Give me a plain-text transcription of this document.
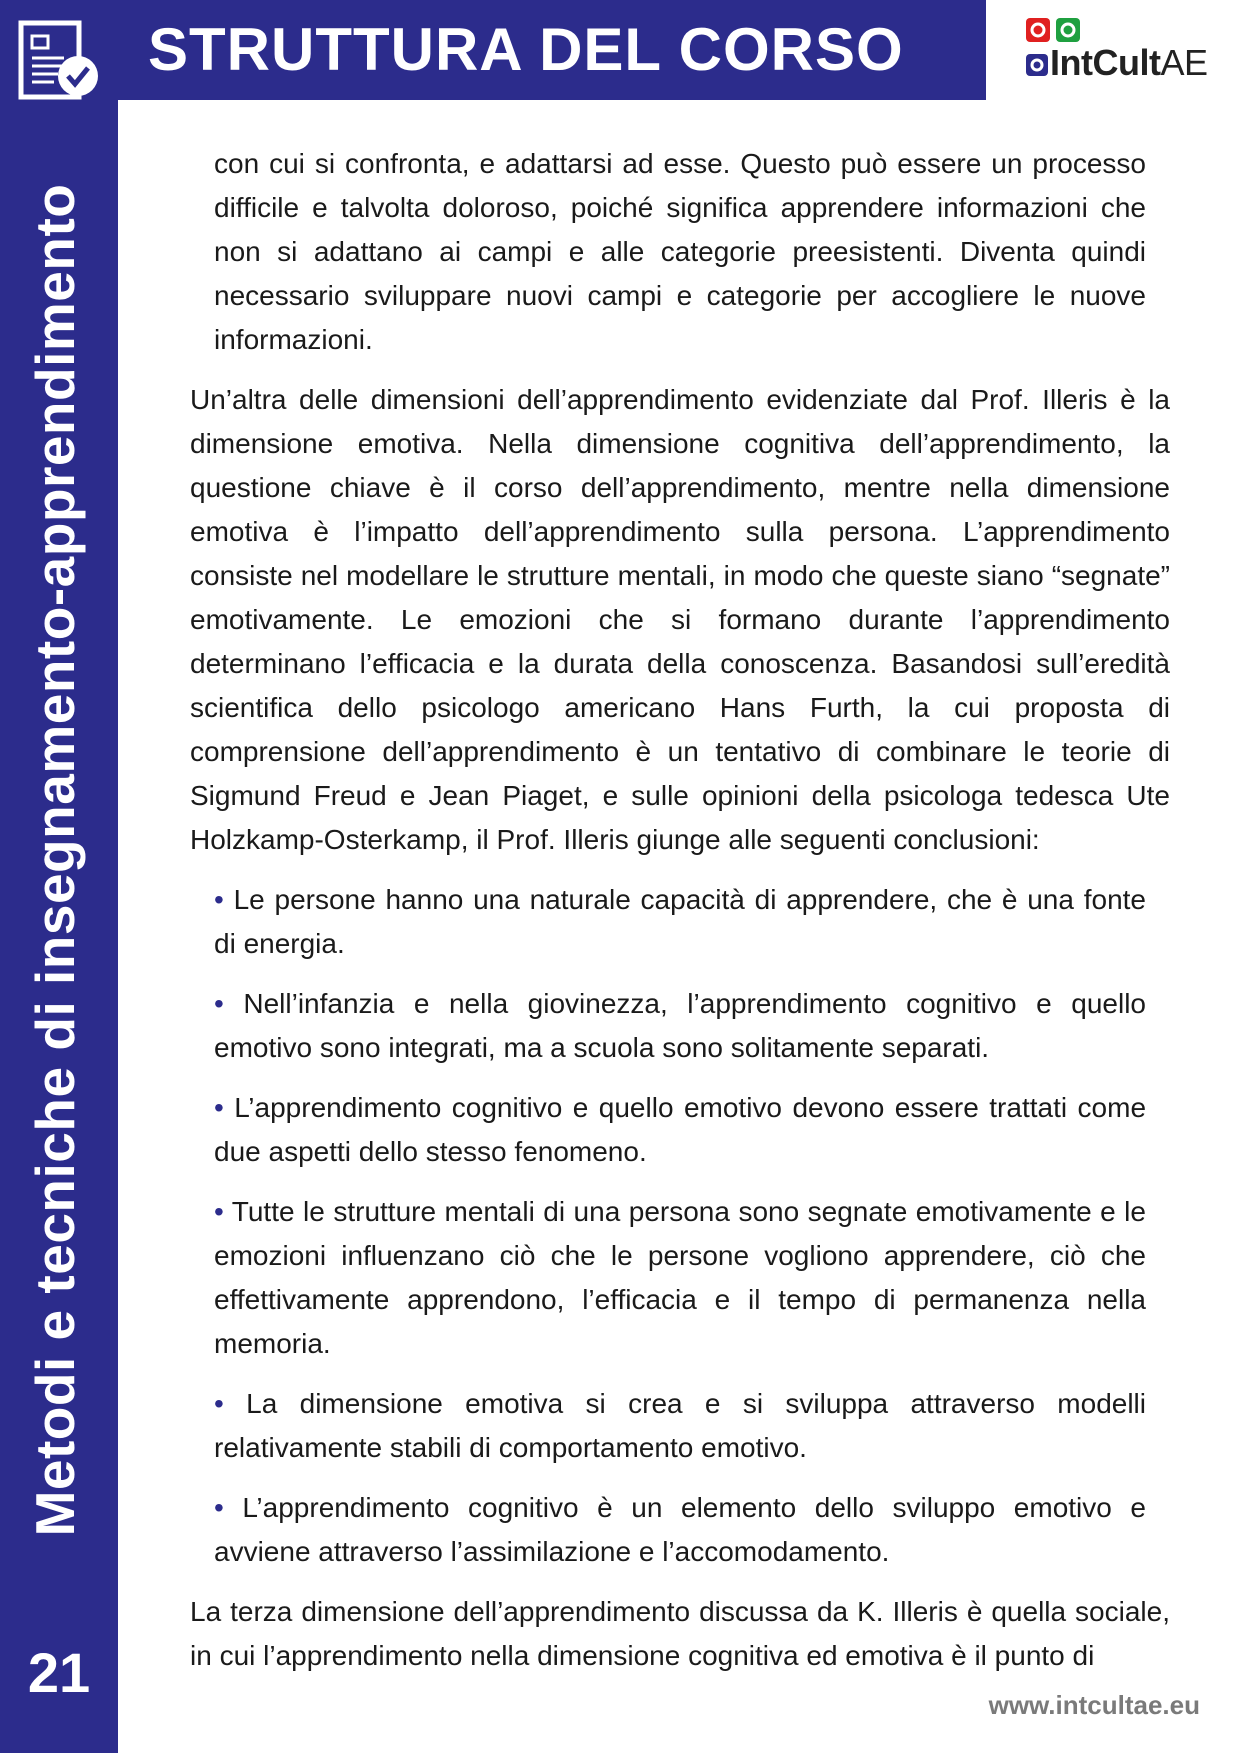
Metodi e tecniche di insegnamento-apprendimento
21
STRUTTURA DEL CORSO	IntCultAE

con cui si confronta, e adattarsi ad esse. Questo può essere un processo difficile e talvolta doloroso, poiché significa apprendere informazioni che non si adattano ai campi e alle categorie preesistenti. Diventa quindi necessario sviluppare nuovi campi e categorie per accogliere le nuove informazioni.

Un’altra delle dimensioni dell’apprendimento evidenziate dal Prof. Illeris è la dimensione emotiva. Nella dimensione cognitiva dell’apprendimento, la questione chiave è il corso dell’apprendimento, mentre nella dimensione emotiva è l’impatto dell’apprendimento sulla persona. L’apprendimento consiste nel modellare le strutture mentali, in modo che queste siano “segnate” emotivamente. Le emozioni che si formano durante l’apprendimento determinano l’efficacia e la durata della conoscenza. Basandosi sull’eredità scientifica dello psicologo americano Hans Furth, la cui proposta di comprensione dell’apprendimento è un tentativo di combinare le teorie di Sigmund Freud e Jean Piaget, e sulle opinioni della psicologa tedesca Ute Holzkamp-Osterkamp, il Prof. Illeris giunge alle seguenti conclusioni:

• Le persone hanno una naturale capacità di apprendere, che è una fonte di energia.

• Nell’infanzia e nella giovinezza, l’apprendimento cognitivo e quello emotivo sono integrati, ma a scuola sono solitamente separati.

• L’apprendimento cognitivo e quello emotivo devono essere trattati come due aspetti dello stesso fenomeno.

• Tutte le strutture mentali di una persona sono segnate emotivamente e le emozioni influenzano ciò che le persone vogliono apprendere, ciò che effettivamente apprendono, l’efficacia e il tempo di permanenza nella memoria.

• La dimensione emotiva si crea e si sviluppa attraverso modelli relativamente stabili di comportamento emotivo.

• L’apprendimento cognitivo è un elemento dello sviluppo emotivo e avviene attraverso l’assimilazione e l’accomodamento.

La terza dimensione dell’apprendimento discussa da K. Illeris è quella sociale, in cui l’apprendimento nella dimensione cognitiva ed emotiva è il punto di

www.intcultae.eu
